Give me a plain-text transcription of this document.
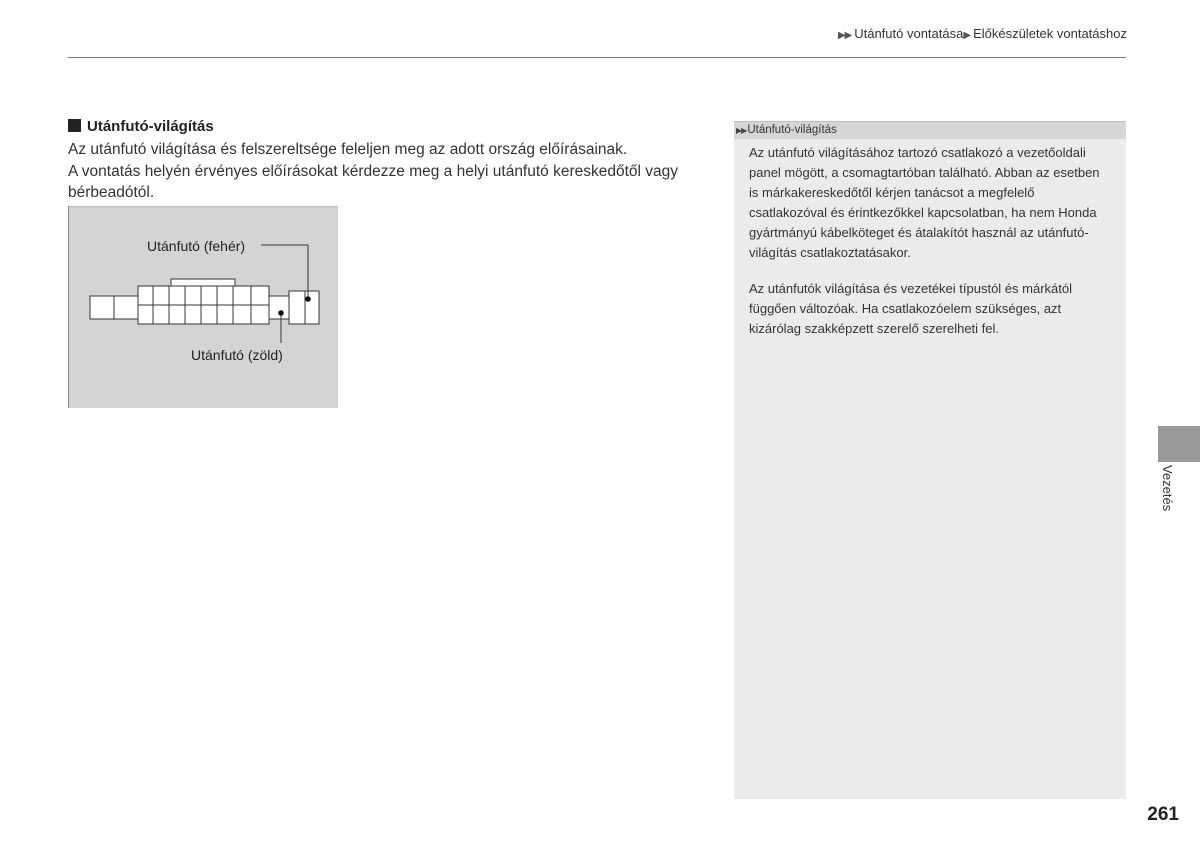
▶▶ Utánfutó vontatása▶ Előkészületek vontatáshoz
Utánfutó-világítás

Az utánfutó világítása és felszereltsége feleljen meg az adott ország előírásainak.

A vontatás helyén érvényes előírásokat kérdezze meg a helyi utánfutó kereskedőtől vagy bérbeadótól.

Utánfutó (fehér)
Utánfutó (zöld)
▶▶Utánfutó-világítás

Az utánfutó világításához tartozó csatlakozó a vezetőoldali panel mögött, a csomagtartóban található. Abban az esetben is márkakereskedőtől kérjen tanácsot a megfelelő csatlakozóval és érintkezőkkel kapcsolatban, ha nem Honda gyártmányú kábelköteget és átalakítót használ az utánfutó-világítás csatlakoztatásakor.

Az utánfutók világítása és vezetékei típustól és márkától függően változóak. Ha csatlakozóelem szükséges, azt kizárólag szakképzett szerelő szerelheti fel.

Vezetés
261
